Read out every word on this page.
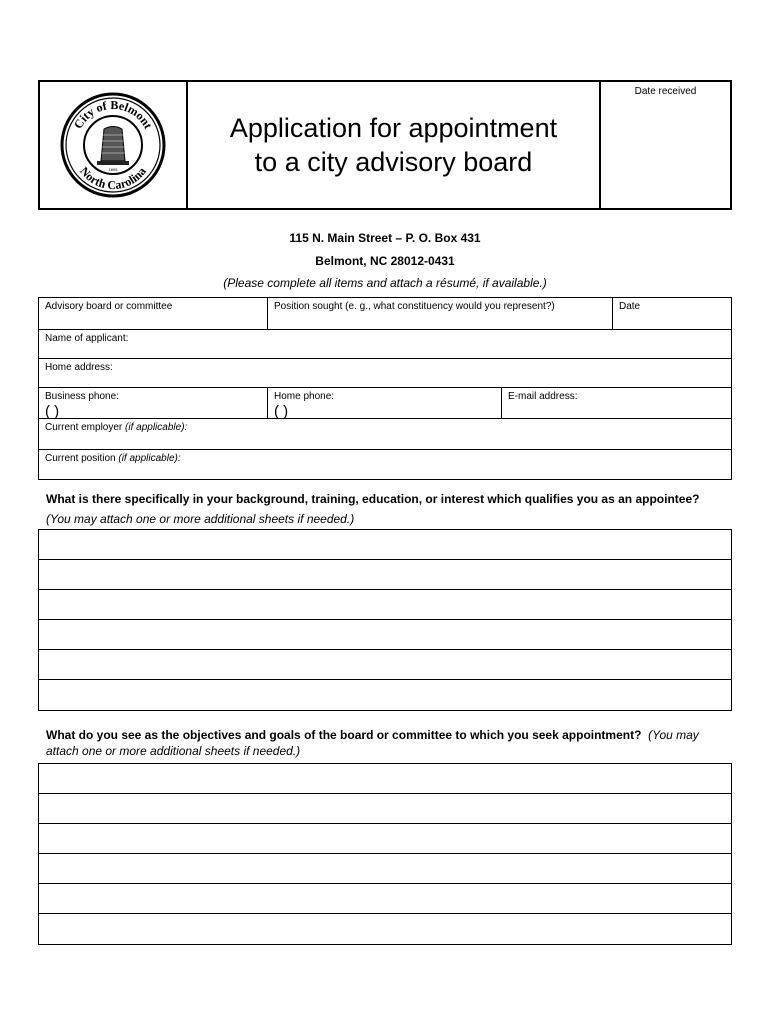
City of Belmont
North Carolina
1895
Application for appointment
to a city advisory board
Date received
115 N. Main Street – P. O. Box 431
Belmont, NC 28012-0431
(Please complete all items and attach a résumé, if available.)
Advisory board or committee	Position sought (e. g., what constituency would you represent?)	Date
Name of applicant:
Home address:
Business phone:
( )
Home phone:
( )
E-mail address:
Current employer (if applicable):
Current position (if applicable):
What is there specifically in your background, training, education, or interest which qualifies you as an appointee?  (You may attach one or more additional sheets if needed.)
What do you see as the objectives and goals of the board or committee to which you seek appointment? (You may attach one or more additional sheets if needed.)
